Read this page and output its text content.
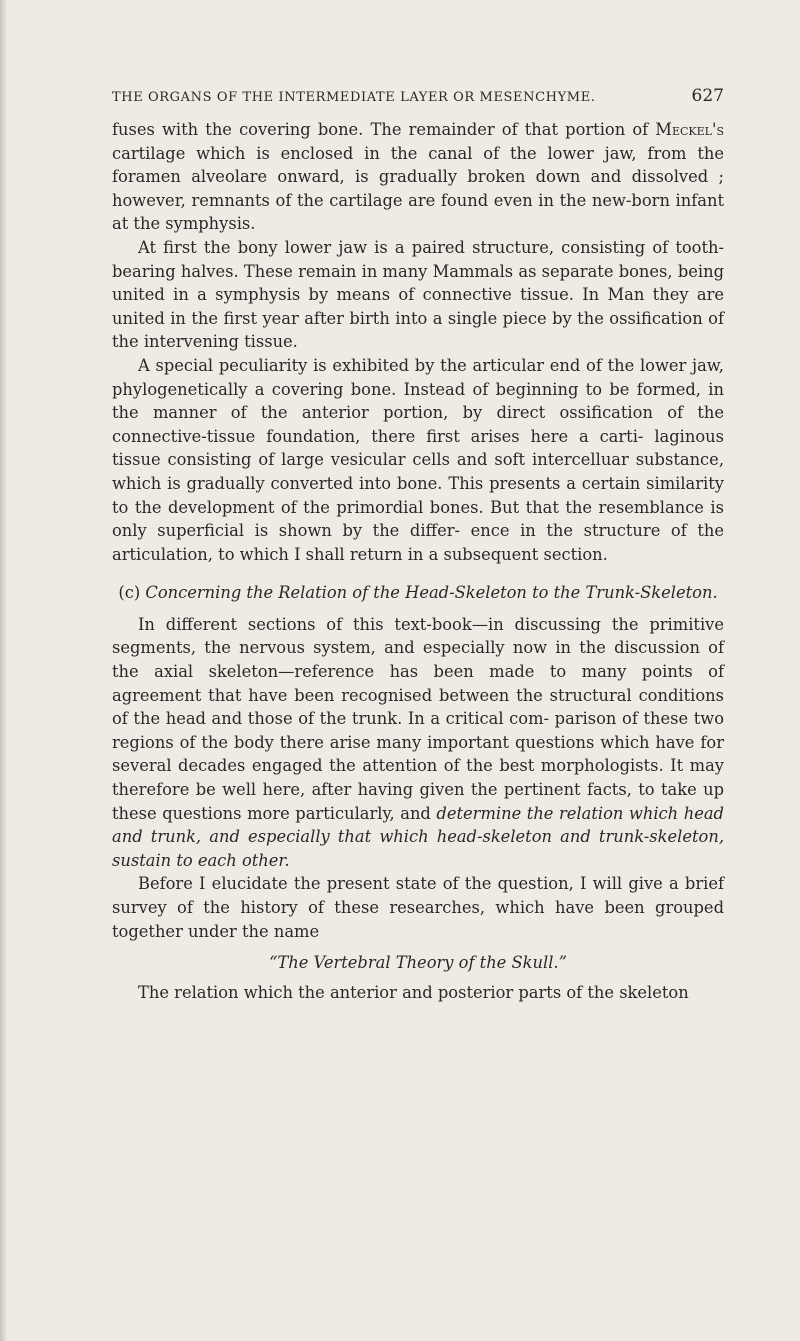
THE ORGANS OF THE INTERMEDIATE LAYER OR MESENCHYME.	627

fuses with the covering bone. The remainder of that portion of Meckel's cartilage which is enclosed in the canal of the lower jaw, from the foramen alveolare onward, is gradually broken down and dissolved ; however, remnants of the cartilage are found even in the new-born infant at the symphysis.

At first the bony lower jaw is a paired structure, consisting of tooth-bearing halves. These remain in many Mammals as separate bones, being united in a symphysis by means of connective tissue. In Man they are united in the first year after birth into a single piece by the ossification of the intervening tissue.

A special peculiarity is exhibited by the articular end of the lower jaw, phylogenetically a covering bone. Instead of beginning to be formed, in the manner of the anterior portion, by direct ossification of the connective-tissue foundation, there first arises here a carti- laginous tissue consisting of large vesicular cells and soft intercelluar substance, which is gradually converted into bone. This presents a certain similarity to the development of the primordial bones. But that the resemblance is only superficial is shown by the differ- ence in the structure of the articulation, to which I shall return in a subsequent section.

(c) Concerning the Relation of the Head-Skeleton to the Trunk-Skeleton.

In different sections of this text-book—in discussing the primitive segments, the nervous system, and especially now in the discussion of the axial skeleton—reference has been made to many points of agreement that have been recognised between the structural conditions of the head and those of the trunk. In a critical com- parison of these two regions of the body there arise many important questions which have for several decades engaged the attention of the best morphologists. It may therefore be well here, after having given the pertinent facts, to take up these questions more particularly, and determine the relation which head and trunk, and especially that which head-skeleton and trunk-skeleton, sustain to each other.

Before I elucidate the present state of the question, I will give a brief survey of the history of these researches, which have been grouped together under the name

“The Vertebral Theory of the Skull.”

The relation which the anterior and posterior parts of the skeleton
